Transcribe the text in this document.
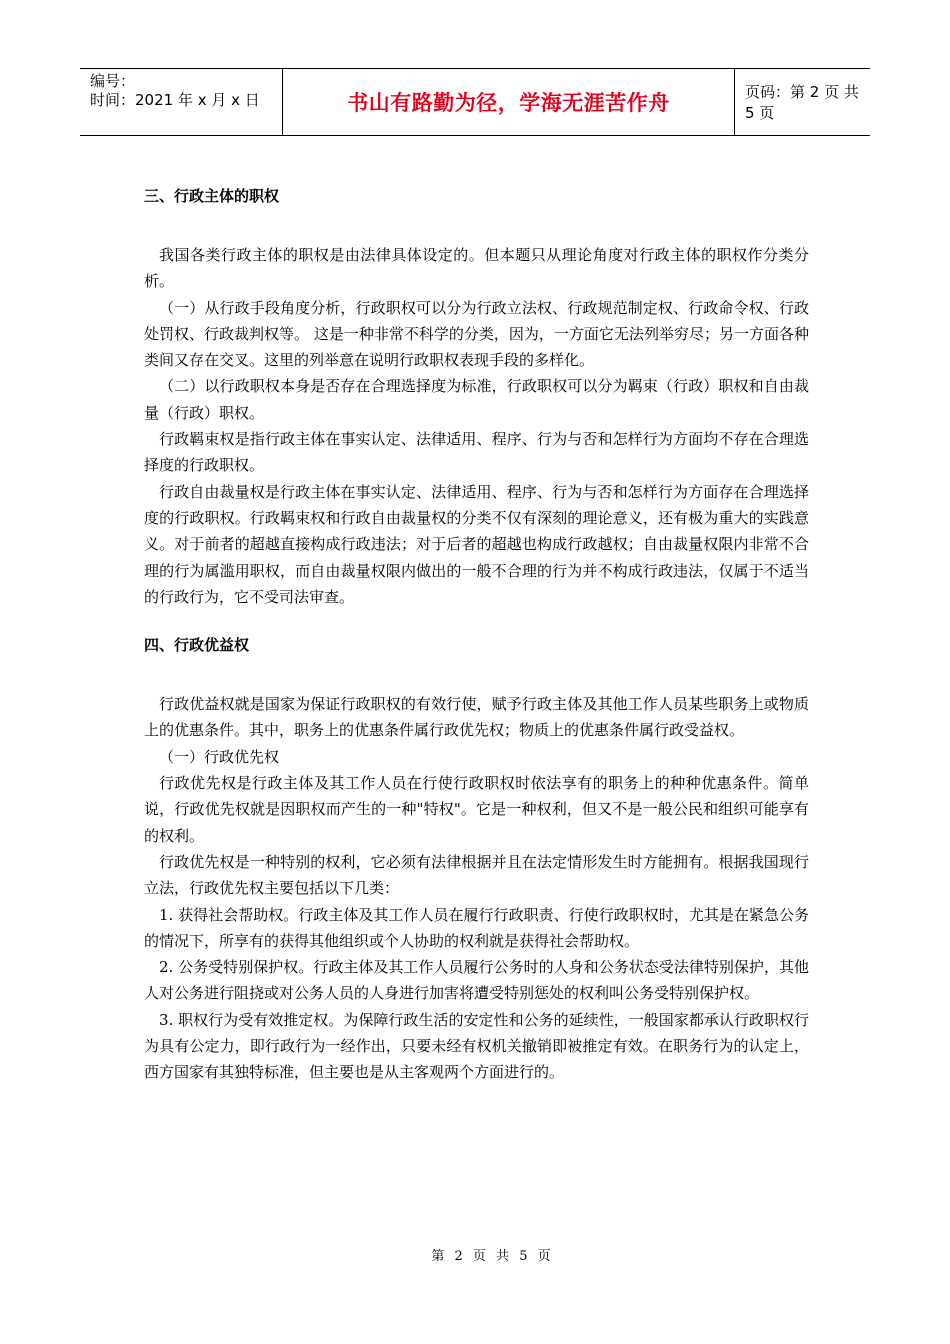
编号：
时间：2021 年 x 月 x 日	书山有路勤为径，学海无涯苦作舟	页码：第 2 页 共 5 页
三、行政主体的职权

我国各类行政主体的职权是由法律具体设定的。但本题只从理论角度对行政主体的职权作分类分析。

（一）从行政手段角度分析，行政职权可以分为行政立法权、行政规范制定权、行政命令权、行政处罚权、行政裁判权等。 这是一种非常不科学的分类，因为，一方面它无法列举穷尽；另一方面各种类间又存在交叉。这里的列举意在说明行政职权表现手段的多样化。

（二）以行政职权本身是否存在合理选择度为标准，行政职权可以分为羁束（行政）职权和自由裁量（行政）职权。

行政羁束权是指行政主体在事实认定、法律适用、程序、行为与否和怎样行为方面均不存在合理选择度的行政职权。

行政自由裁量权是行政主体在事实认定、法律适用、程序、行为与否和怎样行为方面存在合理选择度的行政职权。行政羁束权和行政自由裁量权的分类不仅有深刻的理论意义，还有极为重大的实践意义。对于前者的超越直接构成行政违法；对于后者的超越也构成行政越权；自由裁量权限内非常不合理的行为属滥用职权，而自由裁量权限内做出的一般不合理的行为并不构成行政违法，仅属于不适当的行政行为，它不受司法审查。

四、行政优益权

行政优益权就是国家为保证行政职权的有效行使，赋予行政主体及其他工作人员某些职务上或物质上的优惠条件。其中，职务上的优惠条件属行政优先权；物质上的优惠条件属行政受益权。

（一）行政优先权

行政优先权是行政主体及其工作人员在行使行政职权时依法享有的职务上的种种优惠条件。简单说，行政优先权就是因职权而产生的一种"特权"。它是一种权利，但又不是一般公民和组织可能享有的权利。

行政优先权是一种特别的权利，它必须有法律根据并且在法定情形发生时方能拥有。根据我国现行立法，行政优先权主要包括以下几类：

1. 获得社会帮助权。行政主体及其工作人员在履行行政职责、行使行政职权时，尤其是在紧急公务的情况下，所享有的获得其他组织或个人协助的权利就是获得社会帮助权。

2. 公务受特别保护权。行政主体及其工作人员履行公务时的人身和公务状态受法律特别保护，其他人对公务进行阻挠或对公务人员的人身进行加害将遭受特别惩处的权利叫公务受特别保护权。

3. 职权行为受有效推定权。为保障行政生活的安定性和公务的延续性，一般国家都承认行政职权行为具有公定力，即行政行为一经作出，只要未经有权机关撤销即被推定有效。在职务行为的认定上，西方国家有其独特标准，但主要也是从主客观两个方面进行的。

第 2 页 共 5 页
